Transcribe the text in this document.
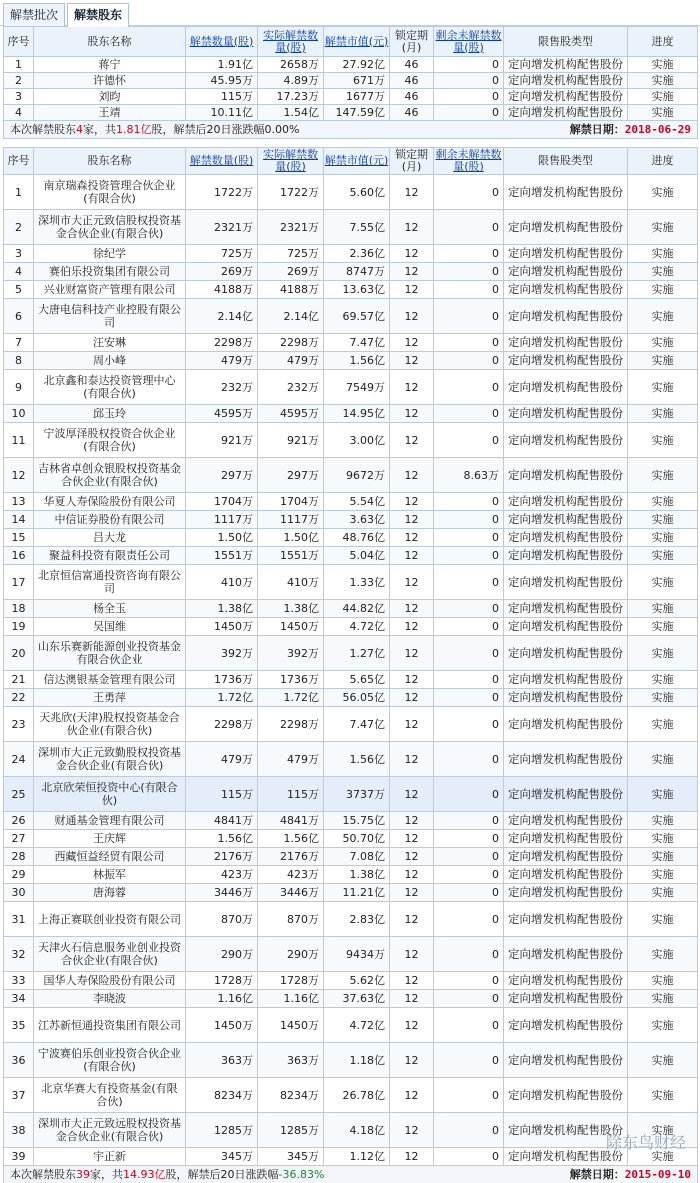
解禁批次	解禁股东
序号	股东名称	解禁数量(股)	实际解禁数量(股)	解禁市值(元)	锁定期(月)	剩余未解禁数量(股)	限售股类型	进度
1	蒋宁	1.91亿	2658万	27.92亿	46	0	定向增发机构配售股份	实施
2	许德怀	45.95万	4.89万	671万	46	0	定向增发机构配售股份	实施
3	刘昀	115万	17.23万	1677万	46	0	定向增发机构配售股份	实施
4	王靖	10.11亿	1.54亿	147.59亿	46	0	定向增发机构配售股份	实施
本次解禁股东4家，共1.81亿股，解禁后20日涨跌幅0.00% 解禁日期：2018-06-29								
序号	股东名称	解禁数量(股)	实际解禁数量(股)	解禁市值(元)	锁定期(月)	剩余未解禁数量(股)	限售股类型	进度
1	南京瑞森投资管理合伙企业(有限合伙)	1722万	1722万	5.60亿	12	0	定向增发机构配售股份	实施
2	深圳市大正元致信股权投资基金合伙企业(有限合伙)	2321万	2321万	7.55亿	12	0	定向增发机构配售股份	实施
3	徐纪学	725万	725万	2.36亿	12	0	定向增发机构配售股份	实施
4	赛伯乐投资集团有限公司	269万	269万	8747万	12	0	定向增发机构配售股份	实施
5	兴业财富资产管理有限公司	4188万	4188万	13.63亿	12	0	定向增发机构配售股份	实施
6	大唐电信科技产业控股有限公司	2.14亿	2.14亿	69.57亿	12	0	定向增发机构配售股份	实施
7	汪安琳	2298万	2298万	7.47亿	12	0	定向增发机构配售股份	实施
8	周小峰	479万	479万	1.56亿	12	0	定向增发机构配售股份	实施
9	北京鑫和泰达投资管理中心(有限合伙)	232万	232万	7549万	12	0	定向增发机构配售股份	实施
10	邱玉玲	4595万	4595万	14.95亿	12	0	定向增发机构配售股份	实施
11	宁波厚泽股权投资合伙企业(有限合伙)	921万	921万	3.00亿	12	0	定向增发机构配售股份	实施
12	吉林省卓创众银股权投资基金合伙企业(有限合伙)	297万	297万	9672万	12	8.63万	定向增发机构配售股份	实施
13	华夏人寿保险股份有限公司	1704万	1704万	5.54亿	12	0	定向增发机构配售股份	实施
14	中信证券股份有限公司	1117万	1117万	3.63亿	12	0	定向增发机构配售股份	实施
15	吕大龙	1.50亿	1.50亿	48.76亿	12	0	定向增发机构配售股份	实施
16	聚益科投资有限责任公司	1551万	1551万	5.04亿	12	0	定向增发机构配售股份	实施
17	北京恒信富通投资咨询有限公司	410万	410万	1.33亿	12	0	定向增发机构配售股份	实施
18	杨全玉	1.38亿	1.38亿	44.82亿	12	0	定向增发机构配售股份	实施
19	吴国维	1450万	1450万	4.72亿	12	0	定向增发机构配售股份	实施
20	山东乐赛新能源创业投资基金有限合伙企业	392万	392万	1.27亿	12	0	定向增发机构配售股份	实施
21	信达澳银基金管理有限公司	1736万	1736万	5.65亿	12	0	定向增发机构配售股份	实施
22	王勇萍	1.72亿	1.72亿	56.05亿	12	0	定向增发机构配售股份	实施
23	天兆欣(天津)股权投资基金合伙企业(有限合伙)	2298万	2298万	7.47亿	12	0	定向增发机构配售股份	实施
24	深圳市大正元致勤股权投资基金合伙企业(有限合伙)	479万	479万	1.56亿	12	0	定向增发机构配售股份	实施
25	北京欣荣恒投资中心(有限合伙)	115万	115万	3737万	12	0	定向增发机构配售股份	实施
26	财通基金管理有限公司	4841万	4841万	15.75亿	12	0	定向增发机构配售股份	实施
27	王庆辉	1.56亿	1.56亿	50.70亿	12	0	定向增发机构配售股份	实施
28	西藏恒益经贸有限公司	2176万	2176万	7.08亿	12	0	定向增发机构配售股份	实施
29	林振军	423万	423万	1.38亿	12	0	定向增发机构配售股份	实施
30	唐海蓉	3446万	3446万	11.21亿	12	0	定向增发机构配售股份	实施
31	上海正赛联创业投资有限公司	870万	870万	2.83亿	12	0	定向增发机构配售股份	实施
32	天津火石信息服务业创业投资合伙企业(有限合伙)	290万	290万	9434万	12	0	定向增发机构配售股份	实施
33	国华人寿保险股份有限公司	1728万	1728万	5.62亿	12	0	定向增发机构配售股份	实施
34	李晓波	1.16亿	1.16亿	37.63亿	12	0	定向增发机构配售股份	实施
35	江苏新恒通投资集团有限公司	1450万	1450万	4.72亿	12	0	定向增发机构配售股份	实施
36	宁波赛伯乐创业投资合伙企业(有限合伙)	363万	363万	1.18亿	12	0	定向增发机构配售股份	实施
37	北京华赛大有投资基金(有限合伙)	8234万	8234万	26.78亿	12	0	定向增发机构配售股份	实施
38	深圳市大正元致远股权投资基金合伙企业(有限合伙)	1285万	1285万	4.18亿	12	0	定向增发机构配售股份	实施
39	宇正新	345万	345万	1.12亿	12	0	定向增发机构配售股份	实施
本次解禁股东39家，共14.93亿股，解禁后20日涨跌幅-36.83% 解禁日期：2015-09-10								
除东鸟财经
